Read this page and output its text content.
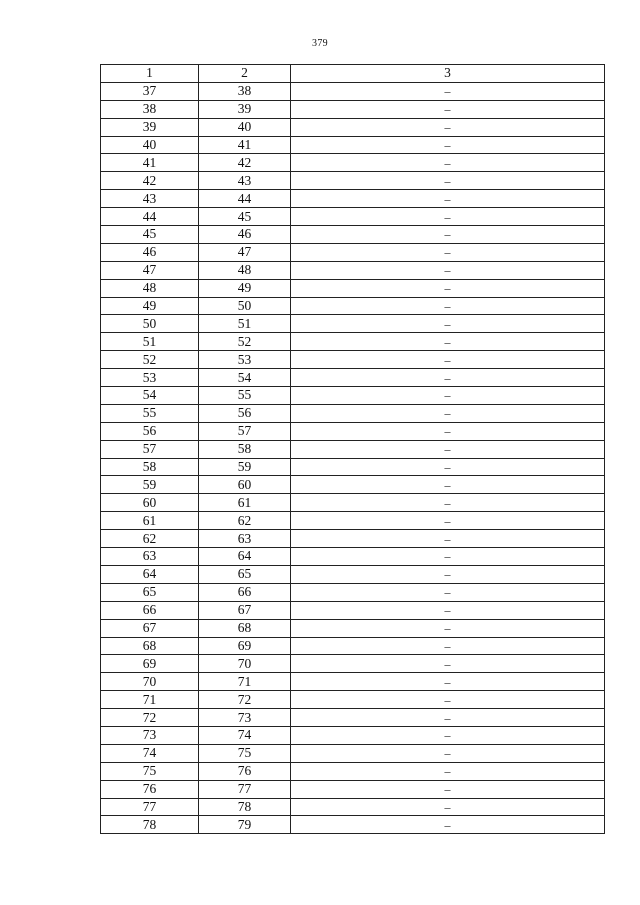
379
1	2	3
37	38	–
38	39	–
39	40	–
40	41	–
41	42	–
42	43	–
43	44	–
44	45	–
45	46	–
46	47	–
47	48	–
48	49	–
49	50	–
50	51	–
51	52	–
52	53	–
53	54	–
54	55	–
55	56	–
56	57	–
57	58	–
58	59	–
59	60	–
60	61	–
61	62	–
62	63	–
63	64	–
64	65	–
65	66	–
66	67	–
67	68	–
68	69	–
69	70	–
70	71	–
71	72	–
72	73	–
73	74	–
74	75	–
75	76	–
76	77	–
77	78	–
78	79	–
